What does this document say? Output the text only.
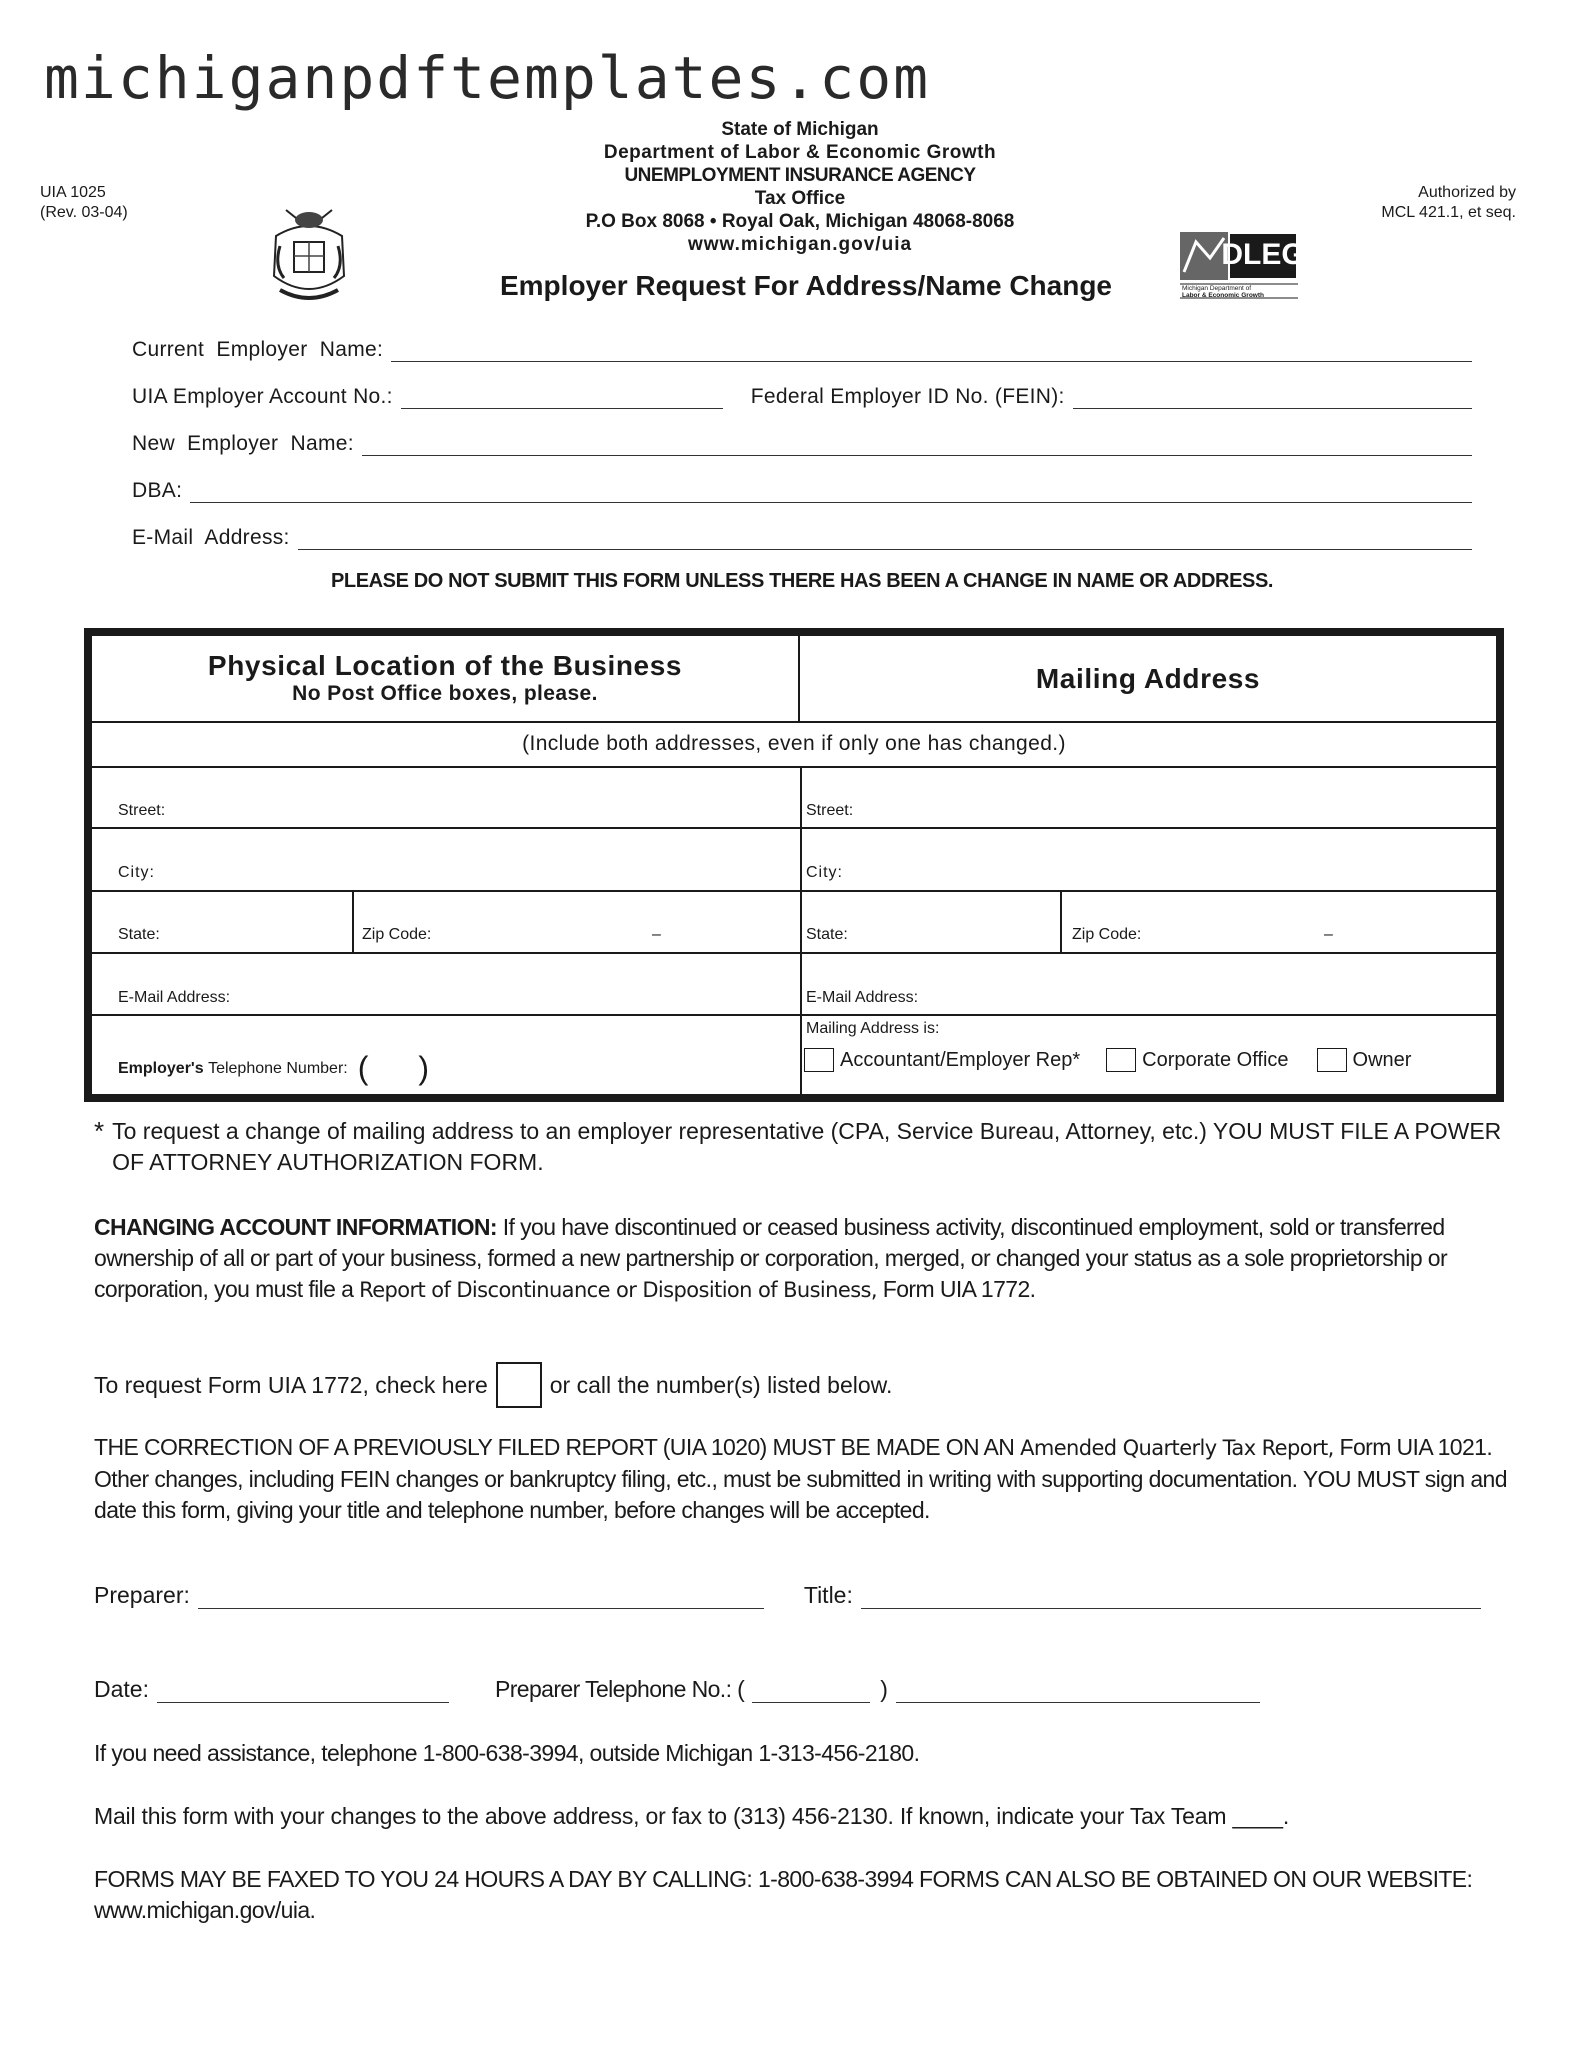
michiganpdftemplates.com
UIA 1025
(Rev. 03-04)
Authorized by
MCL 421.1, et seq.
State of Michigan
Department of Labor & Economic Growth
UNEMPLOYMENT INSURANCE AGENCY
Tax Office
P.O Box 8068 • Royal Oak, Michigan 48068-8068
www.michigan.gov/uia	DLEG
Michigan Department of
Labor & Economic Growth
Employer Request For Address/Name Change
Current  Employer  Name:
UIA Employer Account No.:	Federal Employer ID No. (FEIN):
New  Employer  Name:
DBA:
E-Mail  Address:
PLEASE DO NOT SUBMIT THIS FORM UNLESS THERE HAS BEEN A CHANGE IN NAME OR ADDRESS.
Physical Location of the Business
No Post Office boxes, please.	Mailing Address
(Include both addresses, even if only one has changed.)
Street:	Street:
City:	City:
State:	Zip Code:	–	State:	Zip Code:	–
E-Mail Address:	E-Mail Address:
Employer's
Telephone Number: ( )
Mailing Address is:
Accountant/Employer Rep*	Corporate Office	Owner
* To request a change of mailing address to an employer representative (CPA, Service Bureau, Attorney, etc.) YOU MUST FILE A POWER OF ATTORNEY AUTHORIZATION FORM.
CHANGING ACCOUNT INFORMATION: If you have discontinued or ceased business activity, discontinued employment, sold or transferred ownership of all or part of your business, formed a new partnership or corporation, merged, or changed your status as a sole proprietorship or corporation, you must file a Report of Discontinuance or Disposition of Business, Form UIA 1772.
To request Form UIA 1772, check here	or call the number(s) listed below.
THE CORRECTION OF A PREVIOUSLY FILED REPORT (UIA 1020) MUST BE MADE ON AN Amended Quarterly Tax Report, Form UIA 1021. Other changes, including FEIN changes or bankruptcy filing, etc., must be submitted in writing with supporting documentation. YOU MUST sign and date this form, giving your title and telephone number, before changes will be accepted.
Preparer:	Title:
Date:	Preparer Telephone No.: (	)
If you need assistance, telephone 1-800-638-3994, outside Michigan 1-313-456-2180.
Mail this form with your changes to the above address, or fax to (313) 456-2130. If known, indicate your Tax Team ____.
FORMS MAY BE FAXED TO YOU 24 HOURS A DAY BY CALLING: 1-800-638-3994 FORMS CAN ALSO BE OBTAINED ON OUR WEBSITE: www.michigan.gov/uia.
